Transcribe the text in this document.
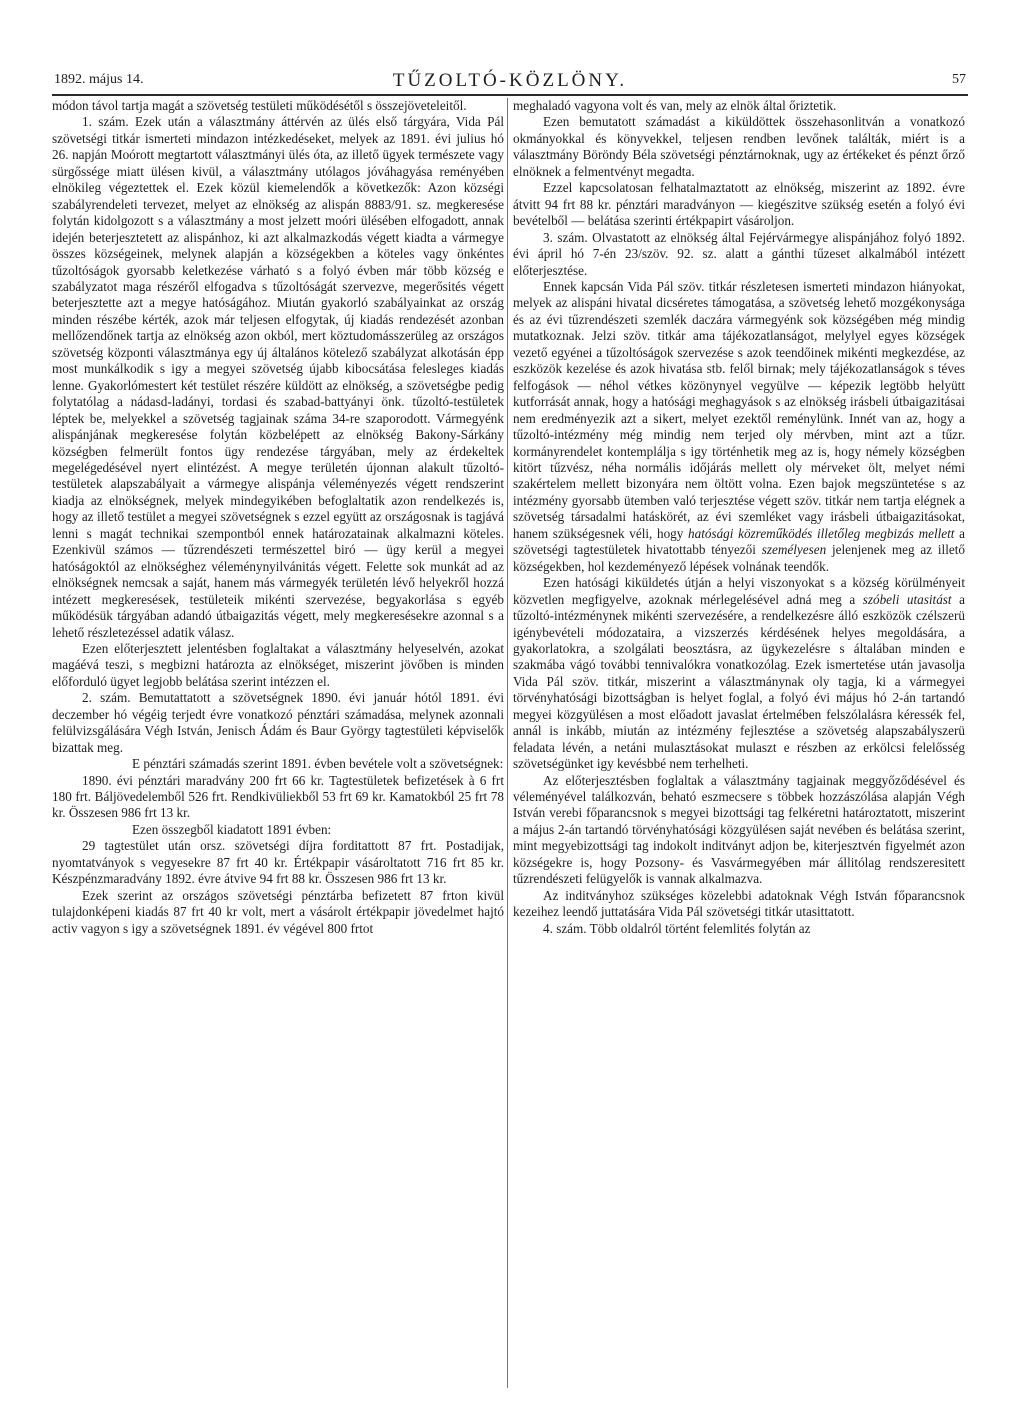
1892. május 14.	TŰZOLTÓ-KÖZLÖNY.	57

módon távol tartja magát a szövetség testületi működésétől s összejöveteleitől.

1. szám. Ezek után a választmány áttérvén az ülés első tárgyára, Vida Pál szövetségi titkár ismerteti mindazon intézkedéseket, melyek az 1891. évi julius hó 26. napján Moórott megtartott választmányi ülés óta, az illető ügyek természete vagy sürgőssége miatt ülésen kivül, a választmány utólagos jóváhagyása reményében elnökileg végeztettek el. Ezek közül kiemelendők a következők: Azon községi szabályrendeleti tervezet, melyet az elnökség az alispán 8883/91. sz. megkeresése folytán kidolgozott s a választmány a most jelzett moóri ülésében elfogadott, annak idején beterjesztetett az alispánhoz, ki azt alkalmazkodás végett kiadta a vármegye összes községeinek, melynek alapján a községekben a köteles vagy önkéntes tűzoltóságok gyorsabb keletkezése várható s a folyó évben már több község e szabályzatot maga részéről elfogadva s tűzoltóságát szervezve, megerősités végett beterjesztette azt a megye hatóságához. Miután gyakorló szabályainkat az ország minden részébe kérték, azok már teljesen elfogytak, új kiadás rendezését azonban mellőzendőnek tartja az elnökség azon okból, mert köztudomásszerüleg az országos szövetség központi választmánya egy új általános kötelező szabályzat alkotásán épp most munkálkodik s igy a megyei szövetség újabb kibocsátása felesleges kiadás lenne. Gyakorlómestert két testület részére küldött az elnökség, a szövetségbe pedig folytatólag a nádasd-ladányi, tordasi és szabad-battyányi önk. tűzoltó-testületek léptek be, melyekkel a szövetség tagjainak száma 34-re szaporodott. Vármegyénk alispánjának megkeresése folytán közbelépett az elnökség Bakony-Sárkány községben felmerült fontos ügy rendezése tárgyában, mely az érdekeltek megelégedésével nyert elintézést. A megye területén újonnan alakult tűzoltó-testületek alapszabályait a vármegye alispánja véleményezés végett rendszerint kiadja az elnökségnek, melyek mindegyikében befoglaltatik azon rendelkezés is, hogy az illető testület a megyei szövetségnek s ezzel együtt az országosnak is tagjává lenni s magát technikai szempontból ennek határozatainak alkalmazni köteles. Ezenkivül számos — tűzrendészeti természettel biró — ügy kerül a megyei hatóságoktól az elnökséghez véleménynyilvánitás végett. Felette sok munkát ad az elnökségnek nemcsak a saját, hanem más vármegyék területén lévő helyekről hozzá intézett megkeresések, testületeik mikénti szervezése, begyakorlása s egyéb működésük tárgyában adandó útbaigazitás végett, mely megkeresésekre azonnal s a lehető részletezéssel adatik válasz.

Ezen előterjesztett jelentésben foglaltakat a választmány helyeselvén, azokat magáévá teszi, s megbizni határozta az elnökséget, miszerint jövőben is minden előforduló ügyet legjobb belátása szerint intézzen el.

2. szám. Bemutattatott a szövetségnek 1890. évi január hótól 1891. évi deczember hó végéig terjedt évre vonatkozó pénztári számadása, melynek azonnali felülvizsgálására Végh István, Jenisch Ádám és Baur György tagtestületi képviselők bizattak meg.

E pénztári számadás szerint 1891. évben bevétele volt a szövetségnek:

1890. évi pénztári maradvány 200 frt 66 kr. Tagtestületek befizetések à 6 frt 180 frt. Báljövedelemből 526 frt. Rendkivüliekből 53 frt 69 kr. Kamatokból 25 frt 78 kr. Összesen 986 frt 13 kr.

Ezen összegből kiadatott 1891 évben:

29 tagtestület után orsz. szövetségi díjra forditattott 87 frt. Postadijak, nyomtatványok s vegyesekre 87 frt 40 kr. Értékpapir vásároltatott 716 frt 85 kr. Készpénzmaradvány 1892. évre átvive 94 frt 88 kr. Összesen 986 frt 13 kr.

Ezek szerint az országos szövetségi pénztárba befizetett 87 frton kivül tulajdonképeni kiadás 87 frt 40 kr volt, mert a vásárolt értékpapir jövedelmet hajtó activ vagyon s igy a szövetségnek 1891. év végével 800 frtot

meghaladó vagyona volt és van, mely az elnök által őriztetik.

Ezen bemutatott számadást a kiküldöttek összehasonlitván a vonatkozó okmányokkal és könyvekkel, teljesen rendben levőnek találták, miért is a választmány Böröndy Béla szövetségi pénztárnoknak, ugy az értékeket és pénzt őrző elnöknek a felmentvényt megadta.

Ezzel kapcsolatosan felhatalmaztatott az elnökség, miszerint az 1892. évre átvitt 94 frt 88 kr. pénztári maradványon — kiegészitve szükség esetén a folyó évi bevételből — belátása szerinti értékpapirt vásároljon.

3. szám. Olvastatott az elnökség által Fejérvármegye alispánjához folyó 1892. évi ápril hó 7-én 23/szöv. 92. sz. alatt a gánthi tűzeset alkalmából intézett előterjesztése.

Ennek kapcsán Vida Pál szöv. titkár részletesen ismerteti mindazon hiányokat, melyek az alispáni hivatal dicséretes támogatása, a szövetség lehető mozgékonysága és az évi tűzrendészeti szemlék daczára vármegyénk sok községében még mindig mutatkoznak. Jelzi szöv. titkár ama tájékozatlanságot, melylyel egyes községek vezető egyénei a tűzoltóságok szervezése s azok teendőinek mikénti megkezdése, az eszközök kezelése és azok hivatása stb. felől birnak; mely tájékozatlanságok s téves felfogások — néhol vétkes közönynyel vegyülve — képezik legtöbb helyütt kutforrását annak, hogy a hatósági meghagyások s az elnökség irásbeli útbaigazitásai nem eredményezik azt a sikert, melyet ezektől reménylünk. Innét van az, hogy a tűzoltó-intézmény még mindig nem terjed oly mérvben, mint azt a tűzr. kormányrendelet kontemplálja s igy történhetik meg az is, hogy némely községben kitört tűzvész, néha normális időjárás mellett oly mérveket ölt, melyet némi szakértelem mellett bizonyára nem öltött volna. Ezen bajok megszüntetése s az intézmény gyorsabb ütemben való terjesztése végett szöv. titkár nem tartja elégnek a szövetség társadalmi hatáskörét, az évi szemléket vagy irásbeli útbaigazitásokat, hanem szükségesnek véli, hogy hatósági közreműködés illetőleg megbizás mellett a szövetségi tagtestületek hivatottabb tényezői személyesen jelenjenek meg az illető községekben, hol kezdeményező lépések volnának teendők.

Ezen hatósági kiküldetés útján a helyi viszonyokat s a község körülményeit közvetlen megfigyelve, azoknak mérlegelésével adná meg a szóbeli utasitást a tűzoltó-intézménynek mikénti szervezésére, a rendelkezésre álló eszközök czélszerü igénybevételi módozataira, a vizszerzés kérdésének helyes megoldására, a gyakorlatokra, a szolgálati beosztásra, az ügykezelésre s általában minden e szakmába vágó további tennivalókra vonatkozólag. Ezek ismertetése után javasolja Vida Pál szöv. titkár, miszerint a választmánynak oly tagja, ki a vármegyei törvényhatósági bizottságban is helyet foglal, a folyó évi május hó 2-án tartandó megyei közgyülésen a most előadott javaslat értelmében felszólalásra kéressék fel, annál is inkább, miután az intézmény fejlesztése a szövetség alapszabályszerü feladata lévén, a netáni mulasztásokat mulaszt e részben az erkölcsi felelősség szövetségünket igy kevésbbé nem terhelheti.

Az előterjesztésben foglaltak a választmány tagjainak meggyőződésével és véleményével találkozván, beható eszmecsere s többek hozzászólása alapján Végh István verebi főparancsnok s megyei bizottsági tag felkéretni határoztatott, miszerint a május 2-án tartandó törvényhatósági közgyülésen saját nevében és belátása szerint, mint megyebizottsági tag indokolt inditványt adjon be, kiterjesztvén figyelmét azon községekre is, hogy Pozsony- és Vasvármegyében már állitólag rendszeresitett tűzrendészeti felügyelők is vannak alkalmazva.

Az inditványhoz szükséges közelebbi adatoknak Végh István főparancsnok kezeihez leendő juttatására Vida Pál szövetségi titkár utasittatott.

4. szám. Több oldalról történt felemlités folytán az
